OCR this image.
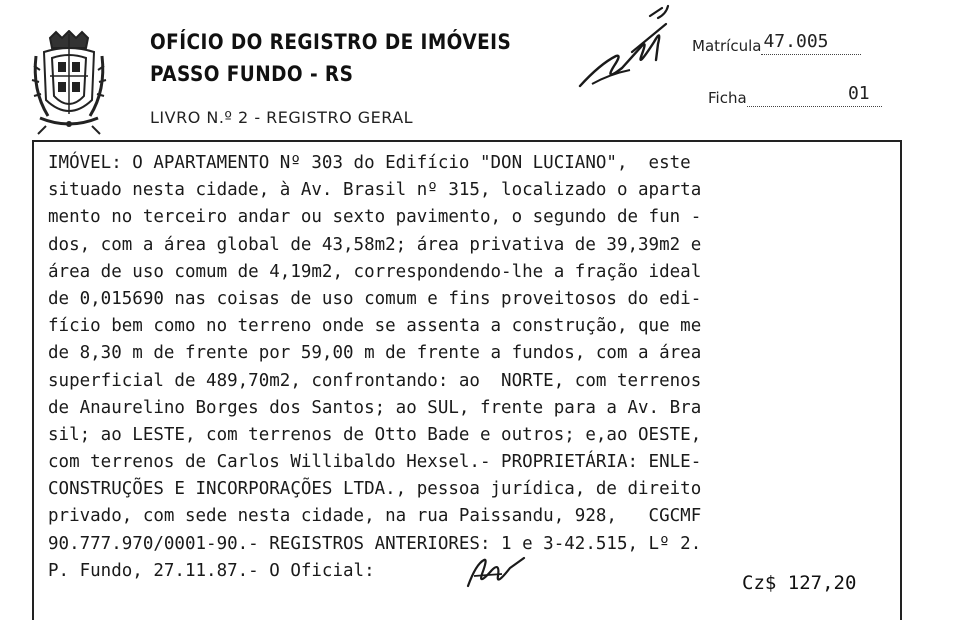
OFÍCIO DO REGISTRO DE IMÓVEIS
PASSO FUNDO - RS
LIVRO N.º 2 - REGISTRO GERAL
Matrícula 47.005
Ficha	01
IMÓVEL: O APARTAMENTO Nº 303 do Edifício "DON LUCIANO",  este
situado nesta cidade, à Av. Brasil nº 315, localizado o aparta
mento no terceiro andar ou sexto pavimento, o segundo de fun -
dos, com a área global de 43,58m2; área privativa de 39,39m2 e
área de uso comum de 4,19m2, correspondendo-lhe a fração ideal
de 0,015690 nas coisas de uso comum e fins proveitosos do edi-
fício bem como no terreno onde se assenta a construção, que me
de 8,30 m de frente por 59,00 m de frente a fundos, com a área
superficial de 489,70m2, confrontando: ao  NORTE, com terrenos
de Anaurelino Borges dos Santos; ao SUL, frente para a Av. Bra
sil; ao LESTE, com terrenos de Otto Bade e outros; e,ao OESTE,
com terrenos de Carlos Willibaldo Hexsel.- PROPRIETÁRIA: ENLE-
CONSTRUÇÕES E INCORPORAÇÕES LTDA., pessoa jurídica, de direito
privado, com sede nesta cidade, na rua Paissandu, 928,   CGCMF
90.777.970/0001-90.- REGISTROS ANTERIORES: 1 e 3-42.515, Lº 2.
P. Fundo, 27.11.87.- O Oficial:
Cz$ 127,20
